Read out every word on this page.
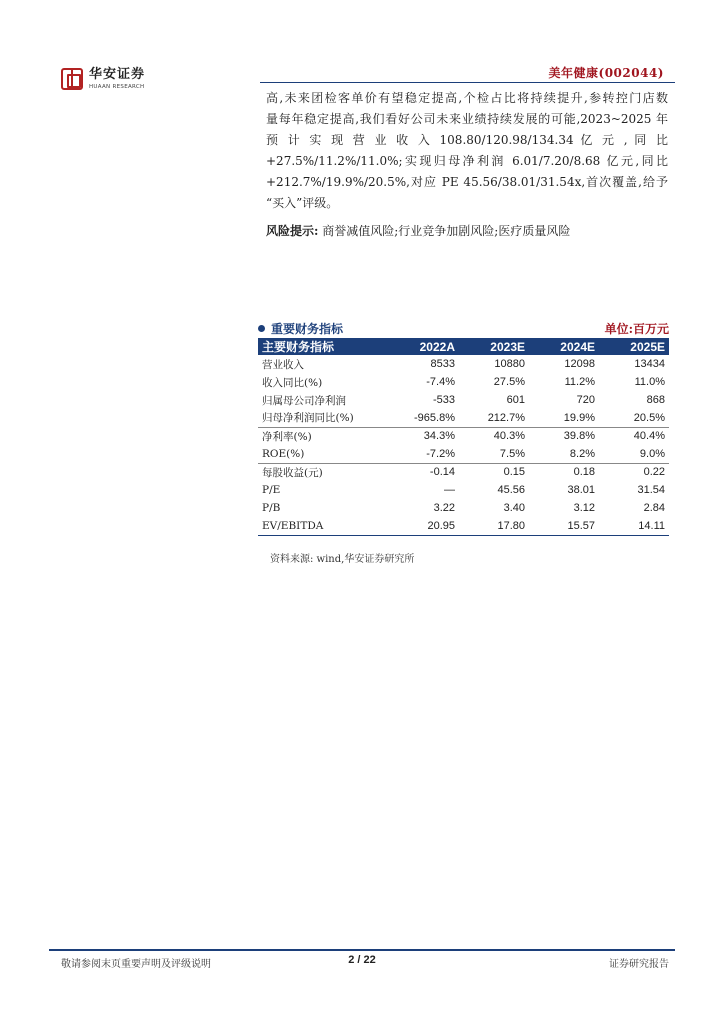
华安证券
HUAAN RESEARCH
美年健康(002044)
高,未来团检客单价有望稳定提高,个检占比将持续提升,参转控门店数
量每年稳定提高,我们看好公司未来业绩持续发展的可能,2023~2025 年
预 计 实 现 营 业 收 入 108.80/120.98/134.34 亿 元 , 同 比
+27.5%/11.2%/11.0%;实现归母净利润 6.01/7.20/8.68 亿元,同比
+212.7%/19.9%/20.5%,对应 PE 45.56/38.01/31.54x,首次覆盖,给予
“买入”评级。
风险提示: 商誉减值风险;行业竞争加剧风险;医疗质量风险
重要财务指标	单位:百万元
主要财务指标	2022A	2023E	2024E	2025E
营业收入	8533	10880	12098	13434
收入同比(%)	-7.4%	27.5%	11.2%	11.0%
归属母公司净利润	-533	601	720	868
归母净利润同比(%)	-965.8%	212.7%	19.9%	20.5%
净利率(%)	34.3%	40.3%	39.8%	40.4%
ROE(%)	-7.2%	7.5%	8.2%	9.0%
每股收益(元)	-0.14	0.15	0.18	0.22
P/E	—	45.56	38.01	31.54
P/B	3.22	3.40	3.12	2.84
EV/EBITDA	20.95	17.80	15.57	14.11
资料来源: wind,华安证券研究所
敬请参阅末页重要声明及评级说明	2 / 22	证券研究报告
